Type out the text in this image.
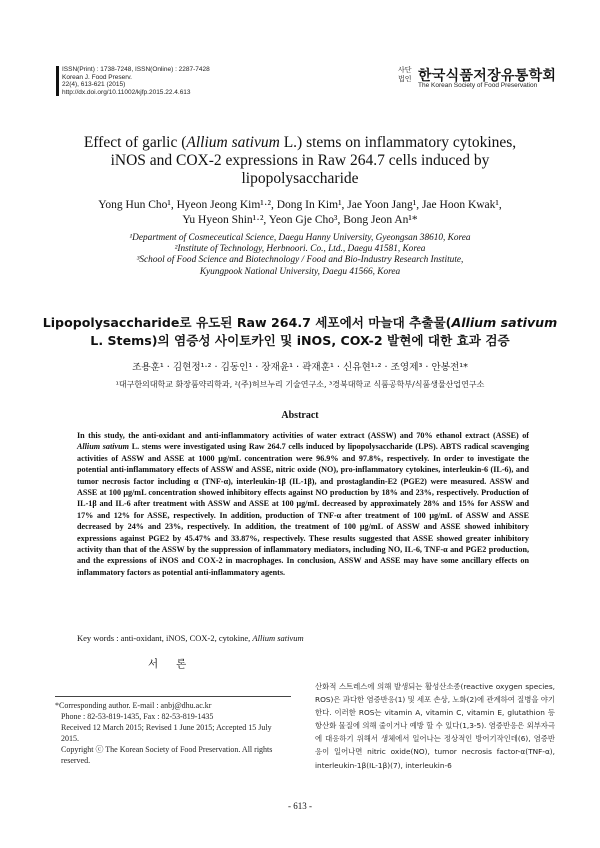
ISSN(Print) : 1738-7248, ISSN(Online) : 2287-7428
Korean J. Food Preserv.
22(4), 613-621 (2015)
http://dx.doi.org/10.11002/kjfp.2015.22.4.613
사단
법인 한국식품저장유통학회
The Korean Society of Food Preservation
Effect of garlic (Allium sativum L.) stems on inflammatory cytokines,
iNOS and COX-2 expressions in Raw 264.7 cells induced by
lipopolysaccharide
Yong Hun Cho¹, Hyeon Jeong Kim¹·², Dong In Kim¹, Jae Yoon Jang¹, Jae Hoon Kwak¹,
Yu Hyeon Shin¹·², Yeon Gje Cho³, Bong Jeon An¹*
¹Department of Cosmeceutical Science, Daegu Hanny University, Gyeongsan 38610, Korea
²Institute of Technology, Herbnoori. Co., Ltd., Daegu 41581, Korea
³School of Food Science and Biotechnology / Food and Bio-Industry Research Institute,
Kyungpook National University, Daegu 41566, Korea
Lipopolysaccharide로 유도된 Raw 264.7 세포에서 마늘대 추출물(Allium sativum
L. Stems)의 염증성 사이토카인 및 iNOS, COX-2 발현에 대한 효과 검증
조용훈¹ · 김현정¹·² · 김동인¹ · 장재윤¹ · 곽재훈¹ · 신유현¹·² · 조영제³ · 안봉전¹*
¹대구한의대학교 화장품약리학과, ²(주)허브누리 기술연구소, ³경북대학교 식품공학부/식품생물산업연구소
Abstract
In this study, the anti-oxidant and anti-inflammatory activities of water extract (ASSW) and 70% ethanol extract (ASSE) of Allium sativum L. stems were investigated using Raw 264.7 cells induced by lipopolysaccharide (LPS). ABTS radical scavenging activities of ASSW and ASSE at 1000 μg/mL concentration were 96.9% and 97.8%, respectively. In order to investigate the potential anti-inflammatory effects of ASSW and ASSE, nitric oxide (NO), pro-inflammatory cytokines, interleukin-6 (IL-6), and tumor necrosis factor including α (TNF-α), interleukin-1β (IL-1β), and prostaglandin-E2 (PGE2) were measured. ASSW and ASSE at 100 μg/mL concentration showed inhibitory effects against NO production by 18% and 23%, respectively. Production of IL-1β and IL-6 after treatment with ASSW and ASSE at 100 μg/mL decreased by approximately 28% and 15% for ASSW and 17% and 12% for ASSE, respectively. In addition, production of TNF-α after treatment of 100 μg/mL of ASSW and ASSE decreased by 24% and 23%, respectively. In addition, the treatment of 100 μg/mL of ASSW and ASSE showed inhibitory expressions against PGE2 by 45.47% and 33.87%, respectively. These results suggested that ASSE showed greater inhibitory activity than that of the ASSW by the suppression of inflammatory mediators, including NO, IL-6, TNF-α and PGE2 production, and the expressions of iNOS and COX-2 in macrophages. In conclusion, ASSW and ASSE may have some ancillary effects on inflammatory factors as potential anti-inflammatory agents.
Key words : anti-oxidant, iNOS, COX-2, cytokine, Allium sativum
서론
*Corresponding author. E-mail : anbj@dhu.ac.kr
Phone : 82-53-819-1435, Fax : 82-53-819-1435
Received 12 March 2015; Revised 1 June 2015; Accepted 15 July 2015.
Copyright ⓒ The Korean Society of Food Preservation. All rights reserved.
산화적 스트레스에 의해 발생되는 활성산소종(reactive oxygen species, ROS)은 과다한 염증반응(1) 및 세포 손상, 노화(2)에 관계하여 질병을 야기한다. 이러한 ROS는 vitamin A, vitamin C, vitamin E, glutathion 등 항산화 물질에 의해 줄이거나 예방 할 수 있다(1,3-5). 염증반응은 외부자극에 대응하기 위해서 생체에서 일어나는 정상적인 방어기작인데(6), 염증반응이 일어나면 nitric oxide(NO), tumor necrosis factor-α(TNF-α), interleukin-1β(IL-1β)(7), interleukin-6
- 613 -
